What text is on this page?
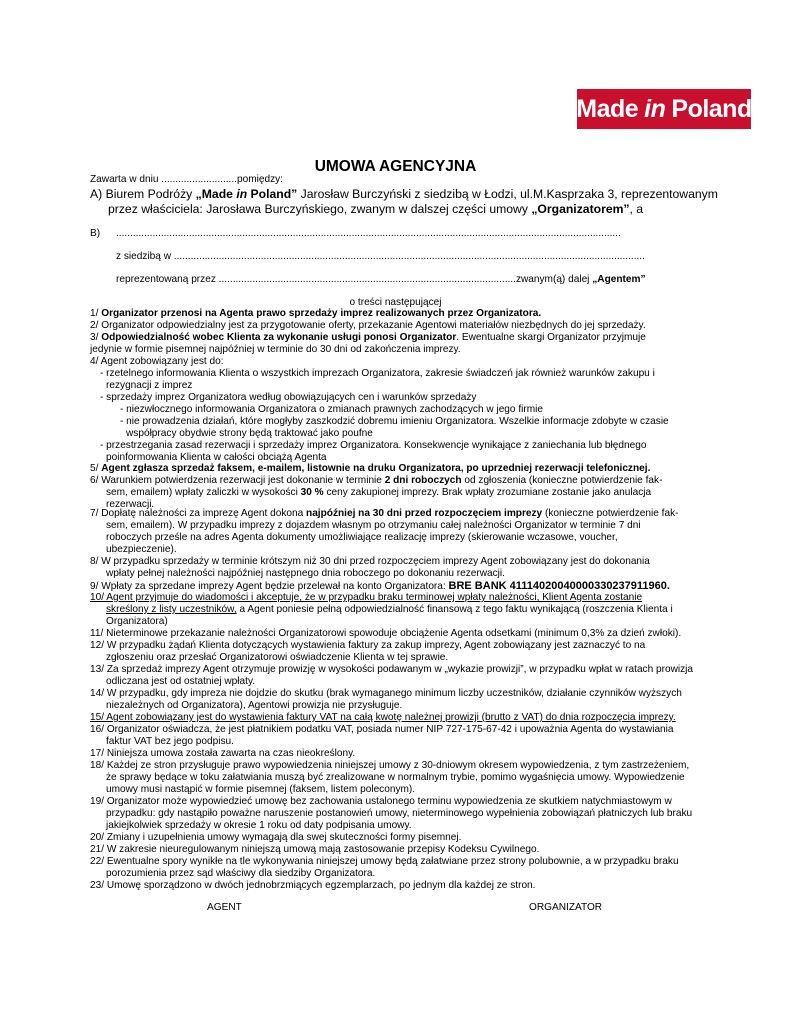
Made in Poland
UMOWA AGENCYJNA
Zawarta w dniu ...........................pomiędzy:
A) Biurem Podróży „Made in Poland” Jarosław Burczyński z siedzibą w Łodzi, ul.M.Kasprzaka 3, reprezentowanym
przez właściciela: Jarosława Burczyńskiego, zwanym w dalszej części umowy „Organizatorem”, a
B) ....................................................................................................................................................................................
z siedzibą w ........................................................................................................................................................................
reprezentowaną przez ..........................................................................................................zwanym(ą) dalej „Agentem”
o treści następującej
1/ Organizator przenosi na Agenta prawo sprzedaży imprez realizowanych przez Organizatora.
2/ Organizator odpowiedzialny jest za przygotowanie oferty, przekazanie Agentowi materiałów niezbędnych do jej sprzedaży.
3/ Odpowiedzialność wobec Klienta za wykonanie usługi ponosi Organizator. Ewentualne skargi Organizator przyjmuje
jedynie w formie pisemnej najpóźniej w terminie do 30 dni od zakończenia imprezy.
4/ Agent zobowiązany jest do:
- rzetelnego informowania Klienta o wszystkich imprezach Organizatora, zakresie świadczeń jak również warunków zakupu i
rezygnacji z imprez
- sprzedaży imprez Organizatora według obowiązujących cen i warunków sprzedaży
- niezwłocznego informowania Organizatora o zmianach prawnych zachodzących w jego firmie
- nie prowadzenia działań, które mogłyby zaszkodzić dobremu imieniu Organizatora. Wszelkie informacje zdobyte w czasie
współpracy obydwie strony będą traktować jako poufne
- przestrzegania zasad rezerwacji i sprzedaży imprez Organizatora. Konsekwencje wynikające z zaniechania lub błędnego
poinformowania Klienta w całości obciążą Agenta
5/ Agent zgłasza sprzedaż faksem, e-mailem, listownie na druku Organizatora, po uprzedniej rezerwacji telefonicznej.
6/ Warunkiem potwierdzenia rezerwacji jest dokonanie w terminie 2 dni roboczych od zgłoszenia (konieczne potwierdzenie fak-
sem, emailem) wpłaty zaliczki w wysokości 30 % ceny zakupionej imprezy. Brak wpłaty zrozumiane zostanie jako anulacja
rezerwacji.
7/ Dopłatę należności za imprezę Agent dokona najpóźniej na 30 dni przed rozpoczęciem imprezy (konieczne potwierdzenie fak-
sem, emailem). W przypadku imprezy z dojazdem własnym po otrzymaniu całej należności Organizator w terminie 7 dni
roboczych prześle na adres Agenta dokumenty umożliwiające realizację imprezy (skierowanie wczasowe, voucher,
ubezpieczenie).
8/ W przypadku sprzedaży w terminie krótszym niż 30 dni przed rozpoczęciem imprezy Agent zobowiązany jest do dokonania
wpłaty pełnej należności najpóźniej następnego dnia roboczego po dokonaniu rezerwacji.
9/ Wpłaty za sprzedane imprezy Agent będzie przelewał na konto Organizatora: BRE BANK 41114020040000330237911960.
10/ Agent przyjmuje do wiadomości i akceptuje, że w przypadku braku terminowej wpłaty należności, Klient Agenta zostanie
skreślony z listy uczestników, a Agent poniesie pełną odpowiedzialność finansową z tego faktu wynikającą (roszczenia Klienta i
Organizatora)
11/ Nieterminowe przekazanie należności Organizatorowi spowoduje obciążenie Agenta odsetkami (minimum 0,3% za dzień zwłoki).
12/ W przypadku żądań Klienta dotyczących wystawienia faktury za zakup imprezy, Agent zobowiązany jest zaznaczyć to na
zgłoszeniu oraz przesłać Organizatorowi oświadczenie Klienta w tej sprawie.
13/ Za sprzedaż imprezy Agent otrzymuje prowizję w wysokości podawanym w „wykazie prowizji”, w przypadku wpłat w ratach prowizja
odliczana jest od ostatniej wpłaty.
14/ W przypadku, gdy impreza nie dojdzie do skutku (brak wymaganego minimum liczby uczestników, działanie czynników wyższych
niezależnych od Organizatora), Agentowi prowizja nie przysługuje.
15/ Agent zobowiązany jest do wystawienia faktury VAT na całą kwotę należnej prowizji (brutto z VAT) do dnia rozpoczęcia imprezy.
16/ Organizator oświadcza, że jest płatnikiem podatku VAT, posiada numer NIP 727-175-67-42 i upoważnia Agenta do wystawiania
faktur VAT bez jego podpisu.
17/ Niniejsza umowa została zawarta na czas nieokreślony.
18/ Każdej ze stron przysługuje prawo wypowiedzenia niniejszej umowy z 30-dniowym okresem wypowiedzenia, z tym zastrzeżeniem,
że sprawy będące w toku załatwiania muszą być zrealizowane w normalnym trybie, pomimo wygaśnięcia umowy. Wypowiedzenie
umowy musi nastąpić w formie pisemnej (faksem, listem poleconym).
19/ Organizator może wypowiedzieć umowę bez zachowania ustalonego terminu wypowiedzenia ze skutkiem natychmiastowym w
przypadku: gdy nastąpiło poważne naruszenie postanowień umowy, nieterminowego wypełnienia zobowiązań płatniczych lub braku
jakiejkolwiek sprzedaży w okresie 1 roku od daty podpisania umowy.
20/ Zmiany i uzupełnienia umowy wymagają dla swej skuteczności formy pisemnej.
21/ W zakresie nieuregulowanym niniejszą umową mają zastosowanie przepisy Kodeksu Cywilnego.
22/ Ewentualne spory wynikłe na tle wykonywania niniejszej umowy będą załatwiane przez strony polubownie, a w przypadku braku
porozumienia przez sąd właściwy dla siedziby Organizatora.
23/ Umowę sporządzono w dwóch jednobrzmiących egzemplarzach, po jednym dla każdej ze stron.
AGENT	ORGANIZATOR
